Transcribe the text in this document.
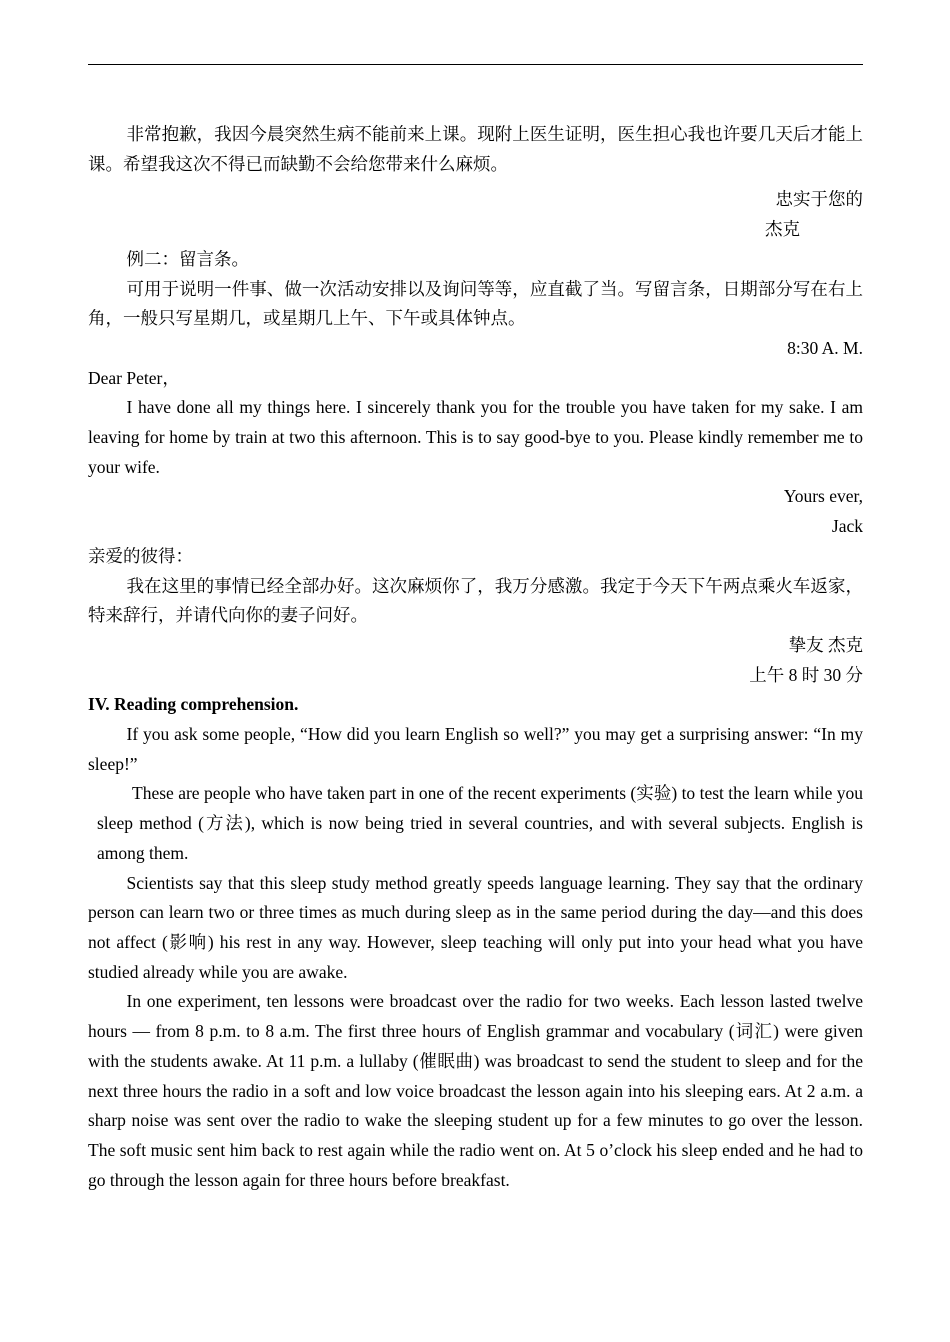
非常抱歉，我因今晨突然生病不能前来上课。现附上医生证明，医生担心我也许要几天后才能上课。希望我这次不得已而缺勤不会给您带来什么麻烦。

忠实于您的

杰克

例二：留言条。

可用于说明一件事、做一次活动安排以及询问等等，应直截了当。写留言条，日期部分写在右上角，一般只写星期几，或星期几上午、下午或具体钟点。

8:30 A. M.

Dear Peter，

I have done all my things here. I sincerely thank you for the trouble you have taken for my sake. I am leaving for home by train at two this afternoon. This is to say good-bye to you. Please kindly remember me to your wife.

Yours ever,

Jack

亲爱的彼得：

我在这里的事情已经全部办好。这次麻烦你了，我万分感激。我定于今天下午两点乘火车返家，特来辞行，并请代向你的妻子问好。

挚友 杰克

上午 8 时 30 分

IV. Reading comprehension.

If you ask some people, “How did you learn English so well?” you may get a surprising answer: “In my sleep!”

These are people who have taken part in one of the recent experiments (实验) to test the learn while you sleep method (方法), which is now being tried in several countries, and with several subjects. English is among them.

Scientists say that this sleep study method greatly speeds language learning. They say that the ordinary person can learn two or three times as much during sleep as in the same period during the day—and this does not affect (影响) his rest in any way. However, sleep teaching will only put into your head what you have studied already while you are awake.

In one experiment, ten lessons were broadcast over the radio for two weeks. Each lesson lasted twelve hours — from 8 p.m. to 8 a.m. The first three hours of English grammar and vocabulary (词汇) were given with the students awake. At 11 p.m. a lullaby (催眠曲) was broadcast to send the student to sleep and for the next three hours the radio in a soft and low voice broadcast the lesson again into his sleeping ears. At 2 a.m. a sharp noise was sent over the radio to wake the sleeping student up for a few minutes to go over the lesson. The soft music sent him back to rest again while the radio went on. At 5 o’clock his sleep ended and he had to go through the lesson again for three hours before breakfast.
